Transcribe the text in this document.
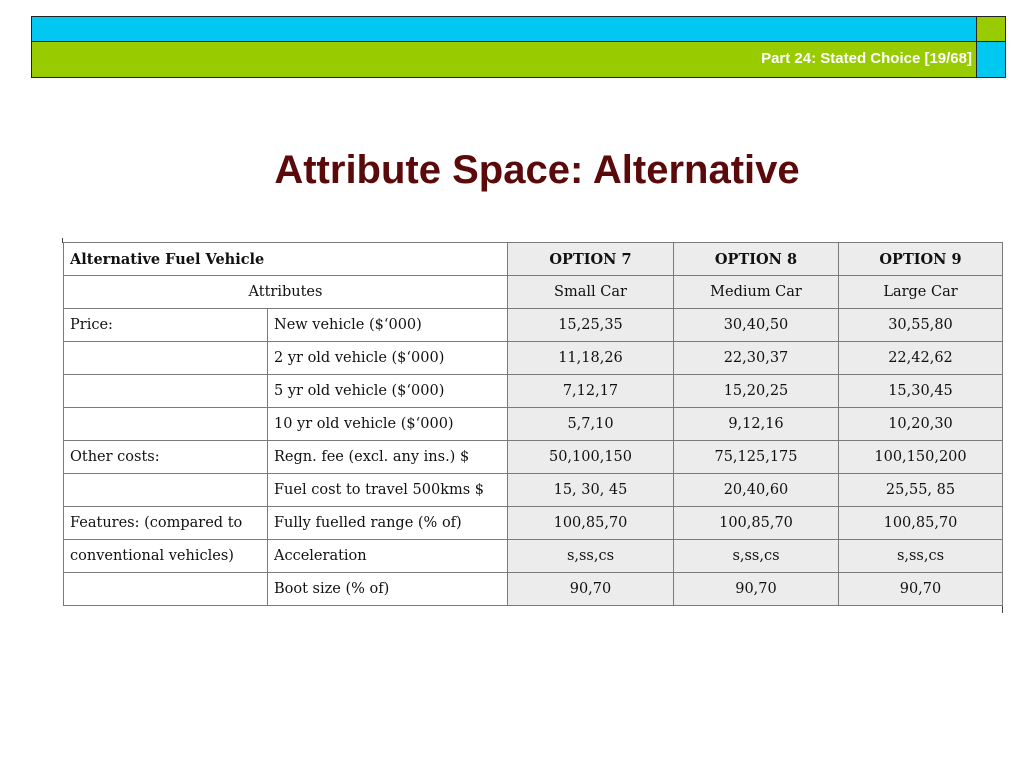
Part 24: Stated Choice [19/68]
Attribute Space: Alternative
Alternative Fuel Vehicle		OPTION 7	OPTION 8	OPTION 9
Attributes		Small Car	Medium Car	Large Car
Price:	New vehicle ($‘000)	15,25,35	30,40,50	30,55,80
	2 yr old vehicle ($‘000)	11,18,26	22,30,37	22,42,62
	5 yr old vehicle ($‘000)	7,12,17	15,20,25	15,30,45
	10 yr old vehicle ($‘000)	5,7,10	9,12,16	10,20,30
Other costs:	Regn. fee (excl. any ins.) $	50,100,150	75,125,175	100,150,200
	Fuel cost to travel 500kms $	15, 30, 45	20,40,60	25,55, 85
Features: (compared to	Fully fuelled range (% of)	100,85,70	100,85,70	100,85,70
conventional vehicles)	Acceleration	s,ss,cs	s,ss,cs	s,ss,cs
	Boot size (% of)	90,70	90,70	90,70
